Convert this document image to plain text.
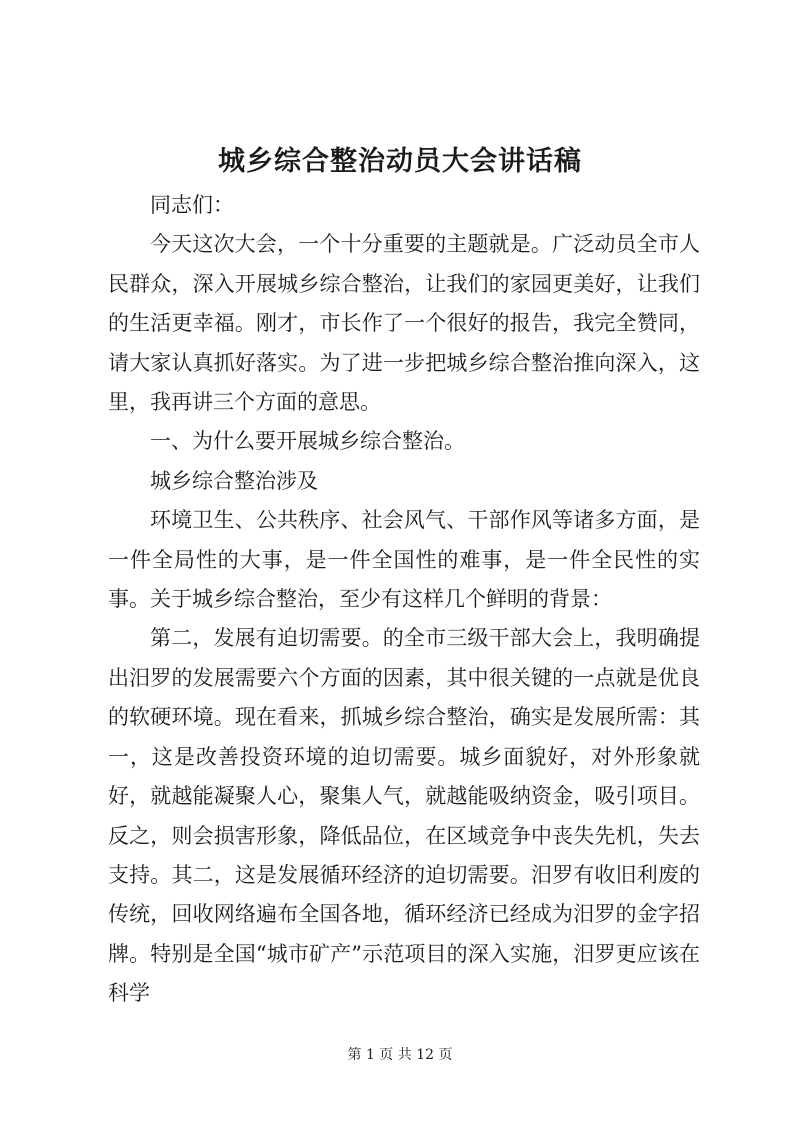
城乡综合整治动员大会讲话稿

同志们：

今天这次大会，一个十分重要的主题就是。广泛动员全市人民群众，深入开展城乡综合整治，让我们的家园更美好，让我们的生活更幸福。刚才，市长作了一个很好的报告，我完全赞同，请大家认真抓好落实。为了进一步把城乡综合整治推向深入，这里，我再讲三个方面的意思。

一、为什么要开展城乡综合整治。

城乡综合整治涉及

环境卫生、公共秩序、社会风气、干部作风等诸多方面，是一件全局性的大事，是一件全国性的难事，是一件全民性的实事。关于城乡综合整治，至少有这样几个鲜明的背景：

第二，发展有迫切需要。的全市三级干部大会上，我明确提出汨罗的发展需要六个方面的因素，其中很关键的一点就是优良的软硬环境。现在看来，抓城乡综合整治，确实是发展所需：其一，这是改善投资环境的迫切需要。城乡面貌好，对外形象就好，就越能凝聚人心，聚集人气，就越能吸纳资金，吸引项目。反之，则会损害形象，降低品位，在区域竞争中丧失先机，失去支持。其二，这是发展循环经济的迫切需要。汨罗有收旧利废的传统，回收网络遍布全国各地，循环经济已经成为汨罗的金字招牌。特别是全国“城市矿产”示范项目的深入实施，汨罗更应该在科学

第 1 页 共 12 页
